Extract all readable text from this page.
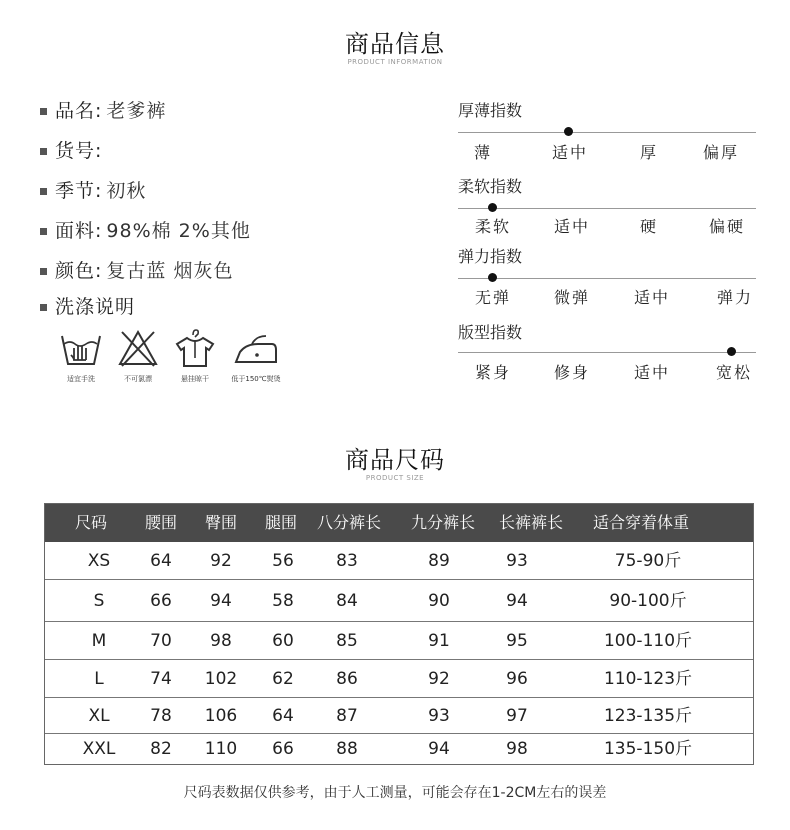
商品信息
PRODUCT INFORMATION
品名: 老爹裤
货号:
季节: 初秋
面料: 98%棉 2%其他
颜色: 复古蓝 烟灰色
洗涤说明
适宜手洗	不可氯漂	悬挂晾干	低于150℃熨烫
厚薄指数
薄	适中	厚	偏厚
柔软指数
柔软	适中	硬	偏硬
弹力指数
无弹	微弹	适中	弹力
版型指数
紧身	修身	适中	宽松
商品尺码
PRODUCT SIZE
尺码 腰围 臀围 腿围 八分裤长 九分裤长 长裤裤长 适合穿着体重
XS	64	92	56	83	89	93	75-90斤
S	66	94	58	84	90	94	90-100斤
M	70	98	60	85	91	95	100-110斤
L	74	102	62	86	92	96	110-123斤
XL	78	106	64	87	93	97	123-135斤
XXL	82	110	66	88	94	98	135-150斤
尺码表数据仅供参考，由于人工测量，可能会存在1-2CM左右的误差
